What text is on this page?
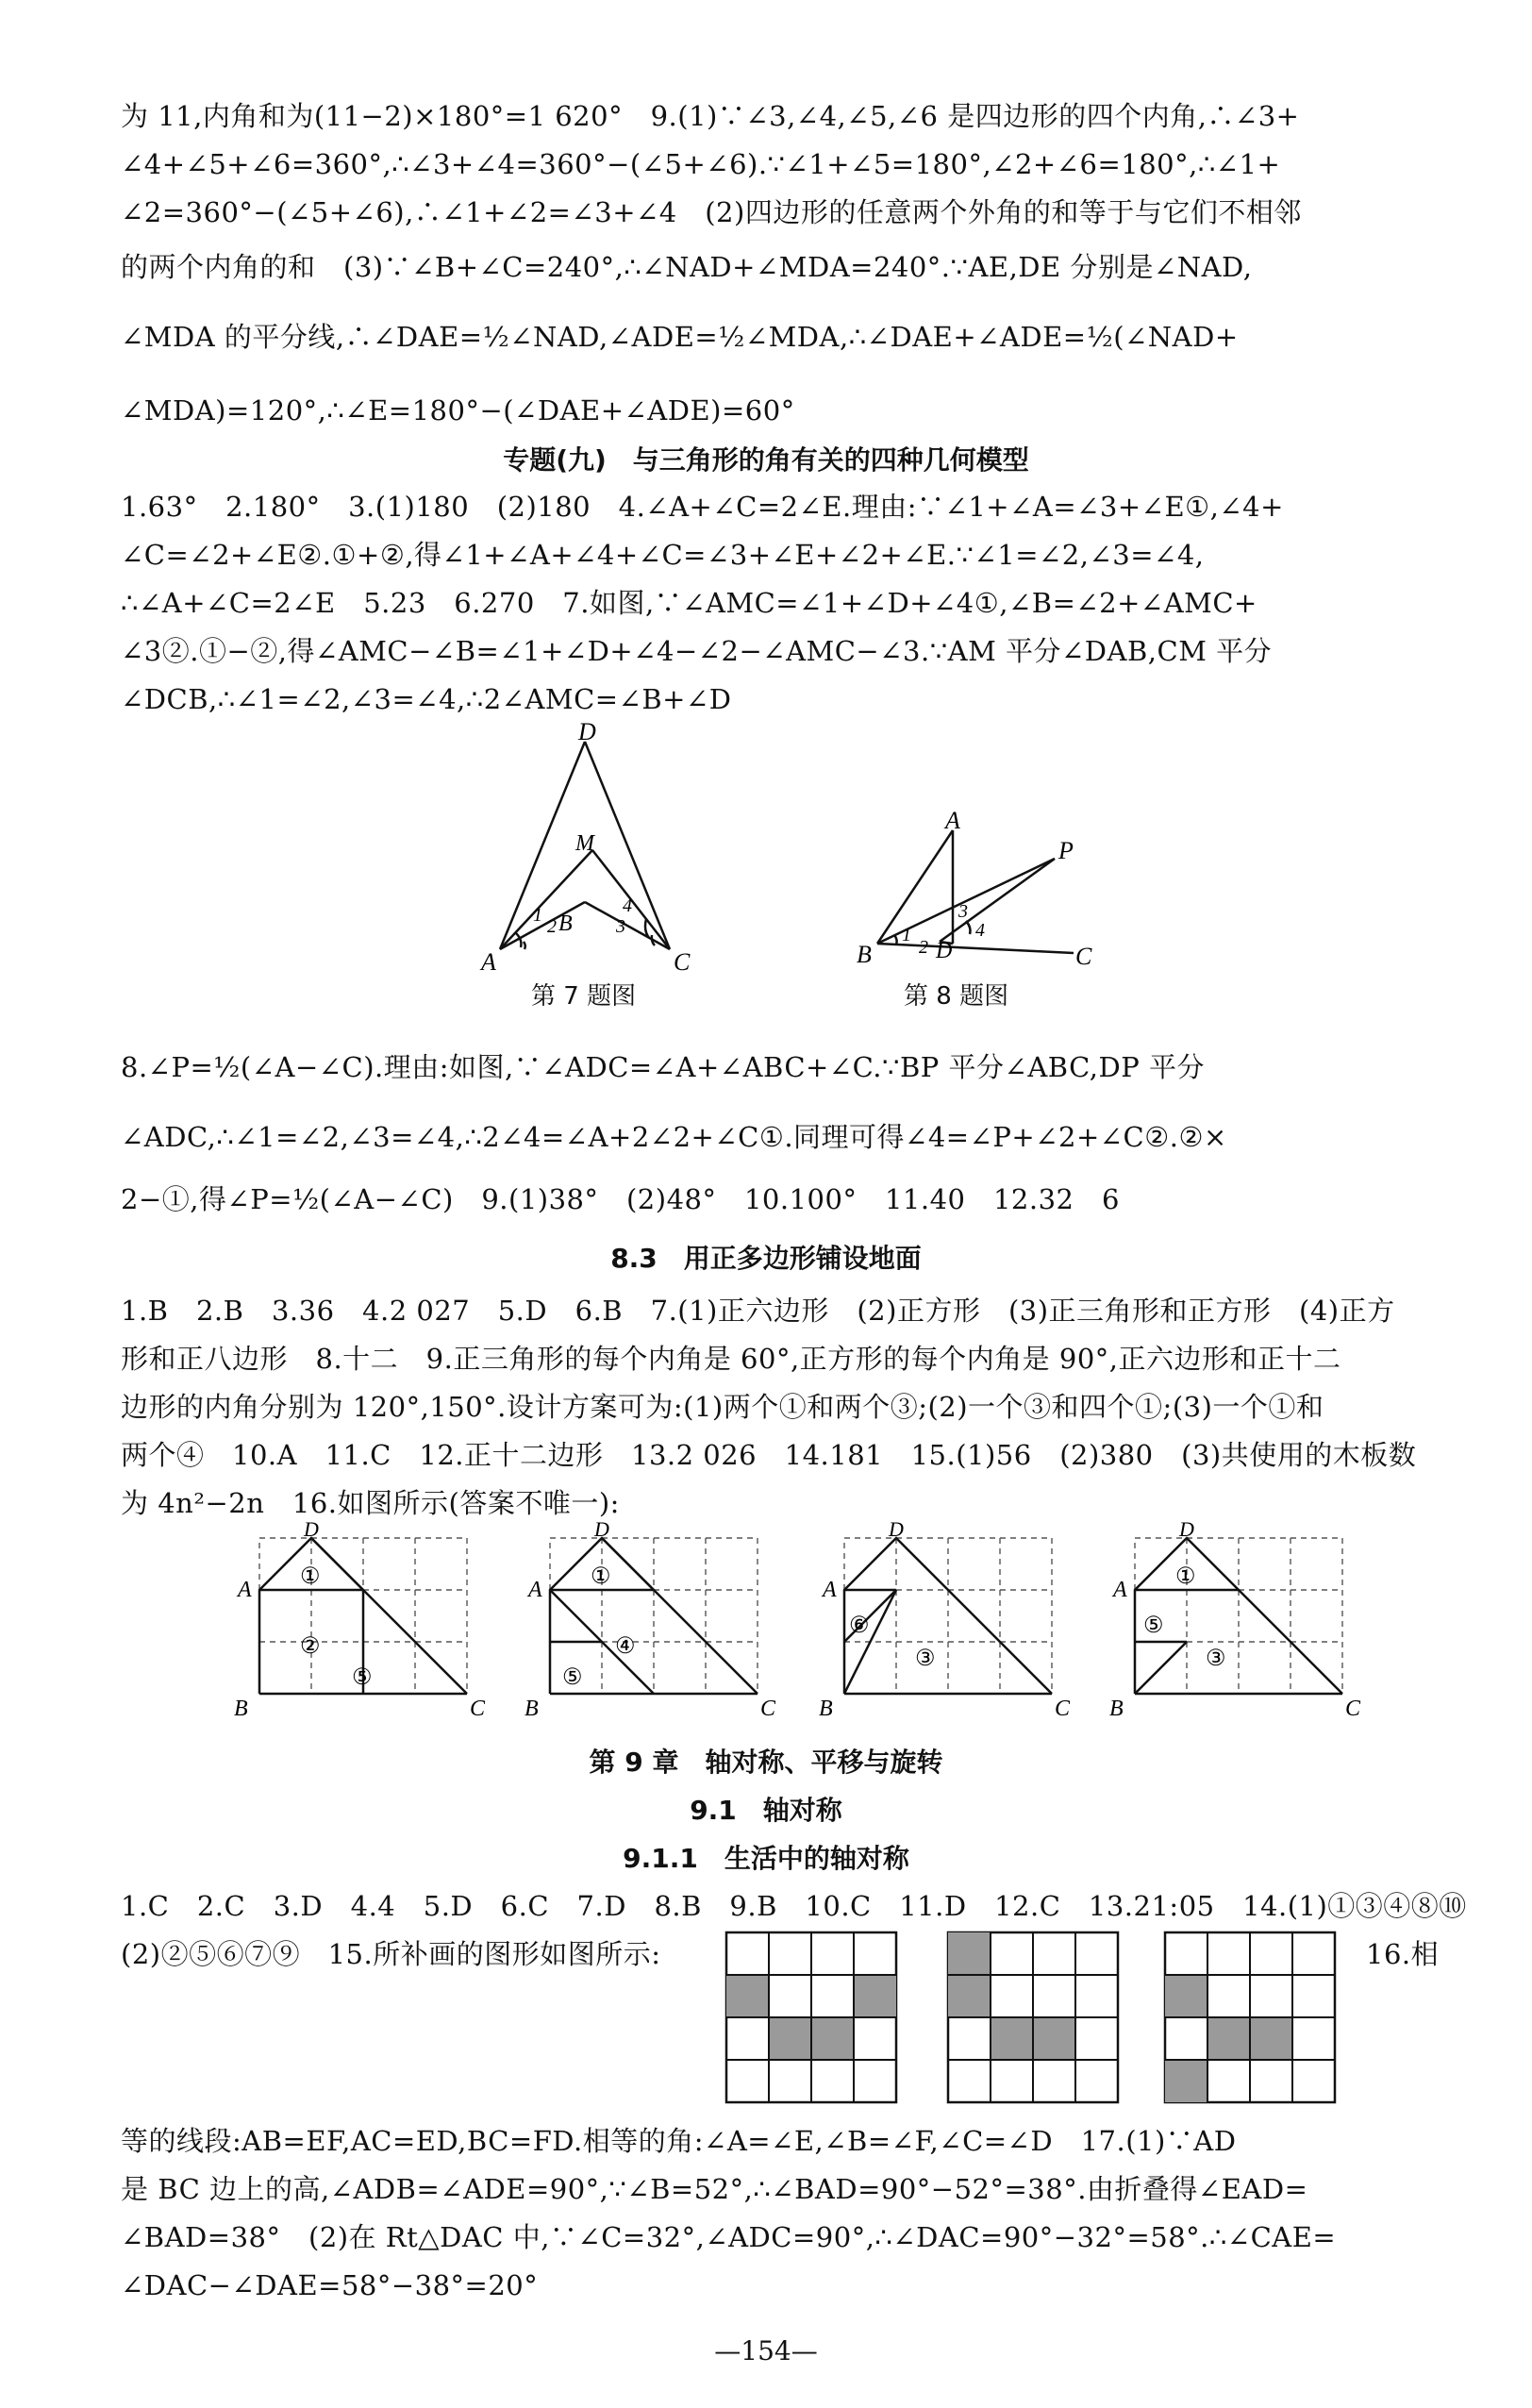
为 11,内角和为(11−2)×180°=1 620°　9.(1)∵∠3,∠4,∠5,∠6 是四边形的四个内角,∴∠3+
∠4+∠5+∠6=360°,∴∠3+∠4=360°−(∠5+∠6).∵∠1+∠5=180°,∠2+∠6=180°,∴∠1+
∠2=360°−(∠5+∠6),∴∠1+∠2=∠3+∠4　(2)四边形的任意两个外角的和等于与它们不相邻
的两个内角的和　(3)∵∠B+∠C=240°,∴∠NAD+∠MDA=240°.∵AE,DE 分别是∠NAD,
∠MDA 的平分线,∴∠DAE=½∠NAD,∠ADE=½∠MDA,∴∠DAE+∠ADE=½(∠NAD+
∠MDA)=120°,∴∠E=180°−(∠DAE+∠ADE)=60°
专题(九)　与三角形的角有关的四种几何模型
1.63°　2.180°　3.(1)180　(2)180　4.∠A+∠C=2∠E.理由:∵∠1+∠A=∠3+∠E①,∠4+
∠C=∠2+∠E②.①+②,得∠1+∠A+∠4+∠C=∠3+∠E+∠2+∠E.∵∠1=∠2,∠3=∠4,
∴∠A+∠C=2∠E　5.23　6.270　7.如图,∵∠AMC=∠1+∠D+∠4①,∠B=∠2+∠AMC+
∠3②.①−②,得∠AMC−∠B=∠1+∠D+∠4−∠2−∠AMC−∠3.∵AM 平分∠DAB,CM 平分
∠DCB,∴∠1=∠2,∠3=∠4,∴2∠AMC=∠B+∠D
D
M
B
A	C
1
2	3
4
第 7 题图
A
P
B	D	C
1
2
3
4
第 8 题图
8.∠P=½(∠A−∠C).理由:如图,∵∠ADC=∠A+∠ABC+∠C.∵BP 平分∠ABC,DP 平分
∠ADC,∴∠1=∠2,∠3=∠4,∴2∠4=∠A+2∠2+∠C①.同理可得∠4=∠P+∠2+∠C②.②×
2−①,得∠P=½(∠A−∠C)　9.(1)38°　(2)48°　10.100°　11.40　12.32　6
8.3　用正多边形铺设地面
1.B　2.B　3.36　4.2 027　5.D　6.B　7.(1)正六边形　(2)正方形　(3)正三角形和正方形　(4)正方
形和正八边形　8.十二　9.正三角形的每个内角是 60°,正方形的每个内角是 90°,正六边形和正十二
边形的内角分别为 120°,150°.设计方案可为:(1)两个①和两个③;(2)一个③和四个①;(3)一个①和
两个④　10.A　11.C　12.正十二边形　13.2 026　14.181　15.(1)56　(2)380　(3)共使用的木板数
为 4n²−2n　16.如图所示(答案不唯一):
D
A
B	C
①
②
⑤
D
A
B	C
①
⑤
④
D
A
B	C
⑥
③
D
A
B	C
①
⑤
③
第 9 章　轴对称、平移与旋转
9.1　轴对称
9.1.1　生活中的轴对称
1.C　2.C　3.D　4.4　5.D　6.C　7.D　8.B　9.B　10.C　11.D　12.C　13.21:05　14.(1)①③④⑧⑩
(2)②⑤⑥⑦⑨　15.所补画的图形如图所示:	16.相
等的线段:AB=EF,AC=ED,BC=FD.相等的角:∠A=∠E,∠B=∠F,∠C=∠D　17.(1)∵AD
是 BC 边上的高,∠ADB=∠ADE=90°,∵∠B=52°,∴∠BAD=90°−52°=38°.由折叠得∠EAD=
∠BAD=38°　(2)在 Rt△DAC 中,∵∠C=32°,∠ADC=90°,∴∠DAC=90°−32°=58°.∴∠CAE=
∠DAC−∠DAE=58°−38°=20°
—154—
